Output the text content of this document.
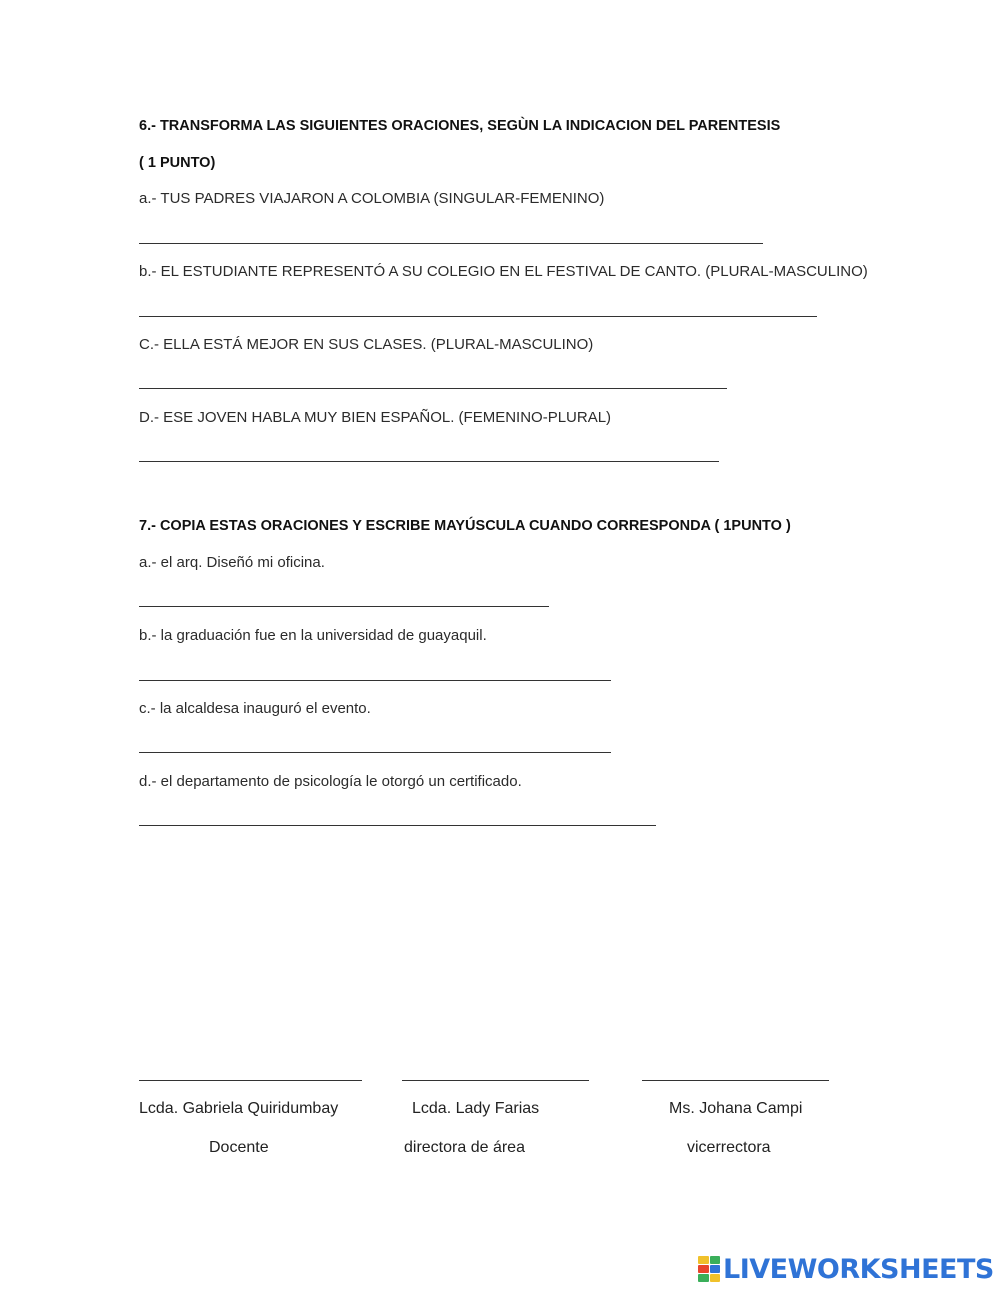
6.- TRANSFORMA LAS SIGUIENTES ORACIONES, SEGÙN LA INDICACION DEL PARENTESIS
( 1 PUNTO)
a.- TUS PADRES VIAJARON A COLOMBIA (SINGULAR-FEMENINO)
b.- EL ESTUDIANTE REPRESENTÓ A SU COLEGIO EN EL FESTIVAL DE CANTO. (PLURAL-MASCULINO)
C.- ELLA ESTÁ MEJOR EN SUS CLASES. (PLURAL-MASCULINO)
D.- ESE JOVEN HABLA MUY BIEN ESPAÑOL. (FEMENINO-PLURAL)
7.- COPIA ESTAS ORACIONES Y ESCRIBE MAYÚSCULA CUANDO CORRESPONDA ( 1PUNTO )
a.- el arq. Diseñó mi oficina.
b.- la graduación fue en la universidad de guayaquil.
c.- la alcaldesa inauguró el evento.
d.- el departamento de psicología le otorgó un certificado.
Lcda. Gabriela Quiridumbay	Lcda. Lady Farias	Ms. Johana Campi
Docente	directora de área	vicerrectora
LIVEWORKSHEETS
